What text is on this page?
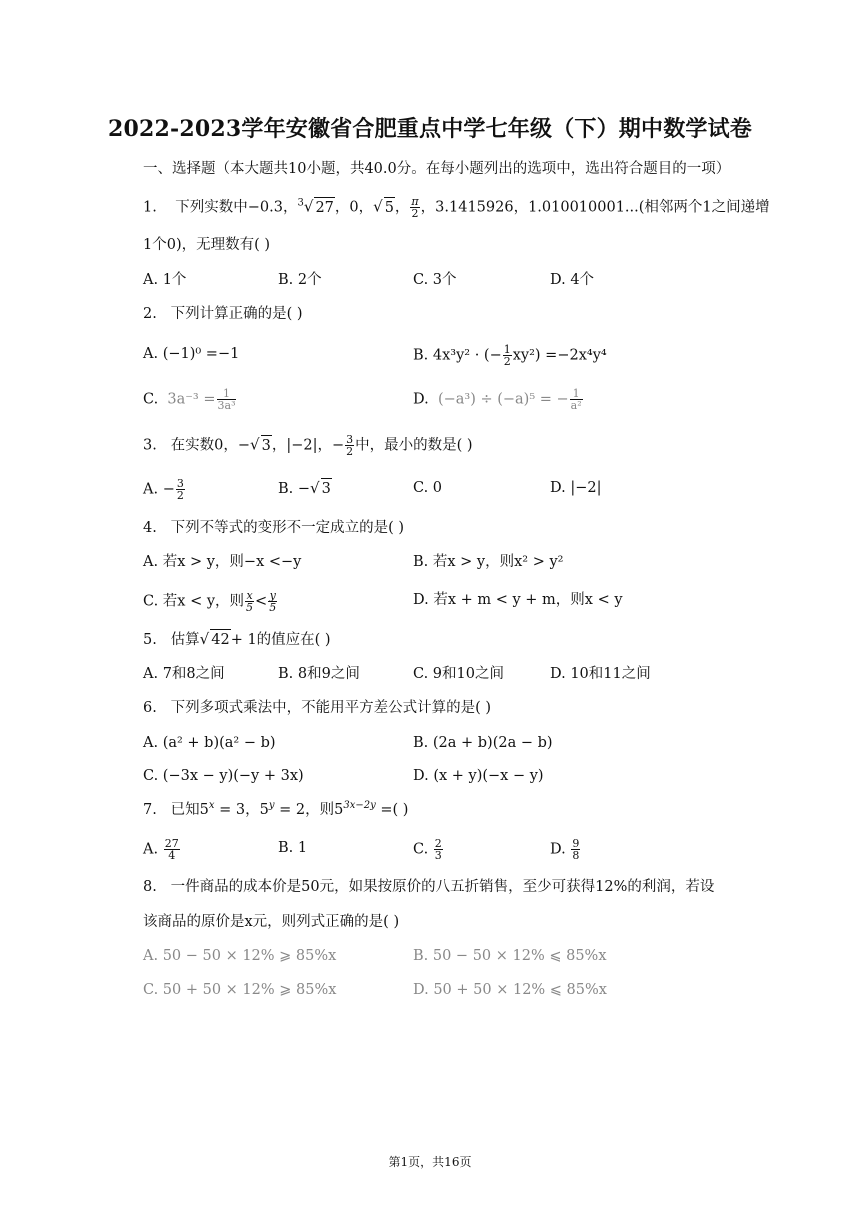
2022-2023学年安徽省合肥重点中学七年级（下）期中数学试卷
一、选择题（本大题共10小题，共40.0分。在每小题列出的选项中，选出符合题目的一项）
1. 下列实数中−0.3，$^3$√ 27，0，√ 5， $\frac{\pi}{2}$ ，3.1415926，1.010010001...(相邻两个1之间递增
1个0)，无理数有( )
A. 1个	B. 2个	C. 3个	D. 4个
2. 下列计算正确的是( )
A. (−1)⁰ =−1	B. 4x³y² · (− $\frac{1}{2} xy^2) =-2x^4y^4$
C. $3a^{-3} = \frac{1}{\text{3a³}}$	D. (−a³) ÷ (−a)⁵ = − $\frac{1}{\text{a²}}$
3. 在实数0，−√ 3，|−2|，− $\frac{3}{2}$ 中，最小的数是( )
A. − $\frac{3}{2}$	B. −√ 3	C. 0	D. |−2|
4. 下列不等式的变形不一定成立的是( )
A. 若x > y，则−x <−y	B. 若x > y，则x² > y²
C. 若x < y，则 $\frac{x}{5} < \frac{y}{5}$	D. 若x + m < y + m，则x < y
5. 估算√ 42+ 1的值应在( )
A. 7和8之间	B. 8和9之间	C. 9和10之间	D. 10和11之间
6. 下列多项式乘法中，不能用平方差公式计算的是( )
A. (a² + b)(a² − b)	B. (2a + b)(2a − b)
C. (−3x − y)(−y + 3x)	D. (x + y)(−x − y)
7. 已知$5^x = 3$，$5^y = 2$，则$5^{3x-2y}$ =( )
A. $\frac{27}{4}$	B. 1	C. $\frac{2}{3}$	D. $\frac{9}{8}$
8. 一件商品的成本价是50元，如果按原价的八五折销售，至少可获得12%的利润，若设
该商品的原价是x元，则列式正确的是( )
A. 50 − 50 × 12% ⩾ 85%x	B. 50 − 50 × 12% ⩽ 85%x
C. 50 + 50 × 12% ⩾ 85%x	D. 50 + 50 × 12% ⩽ 85%x
第1页，共16页
